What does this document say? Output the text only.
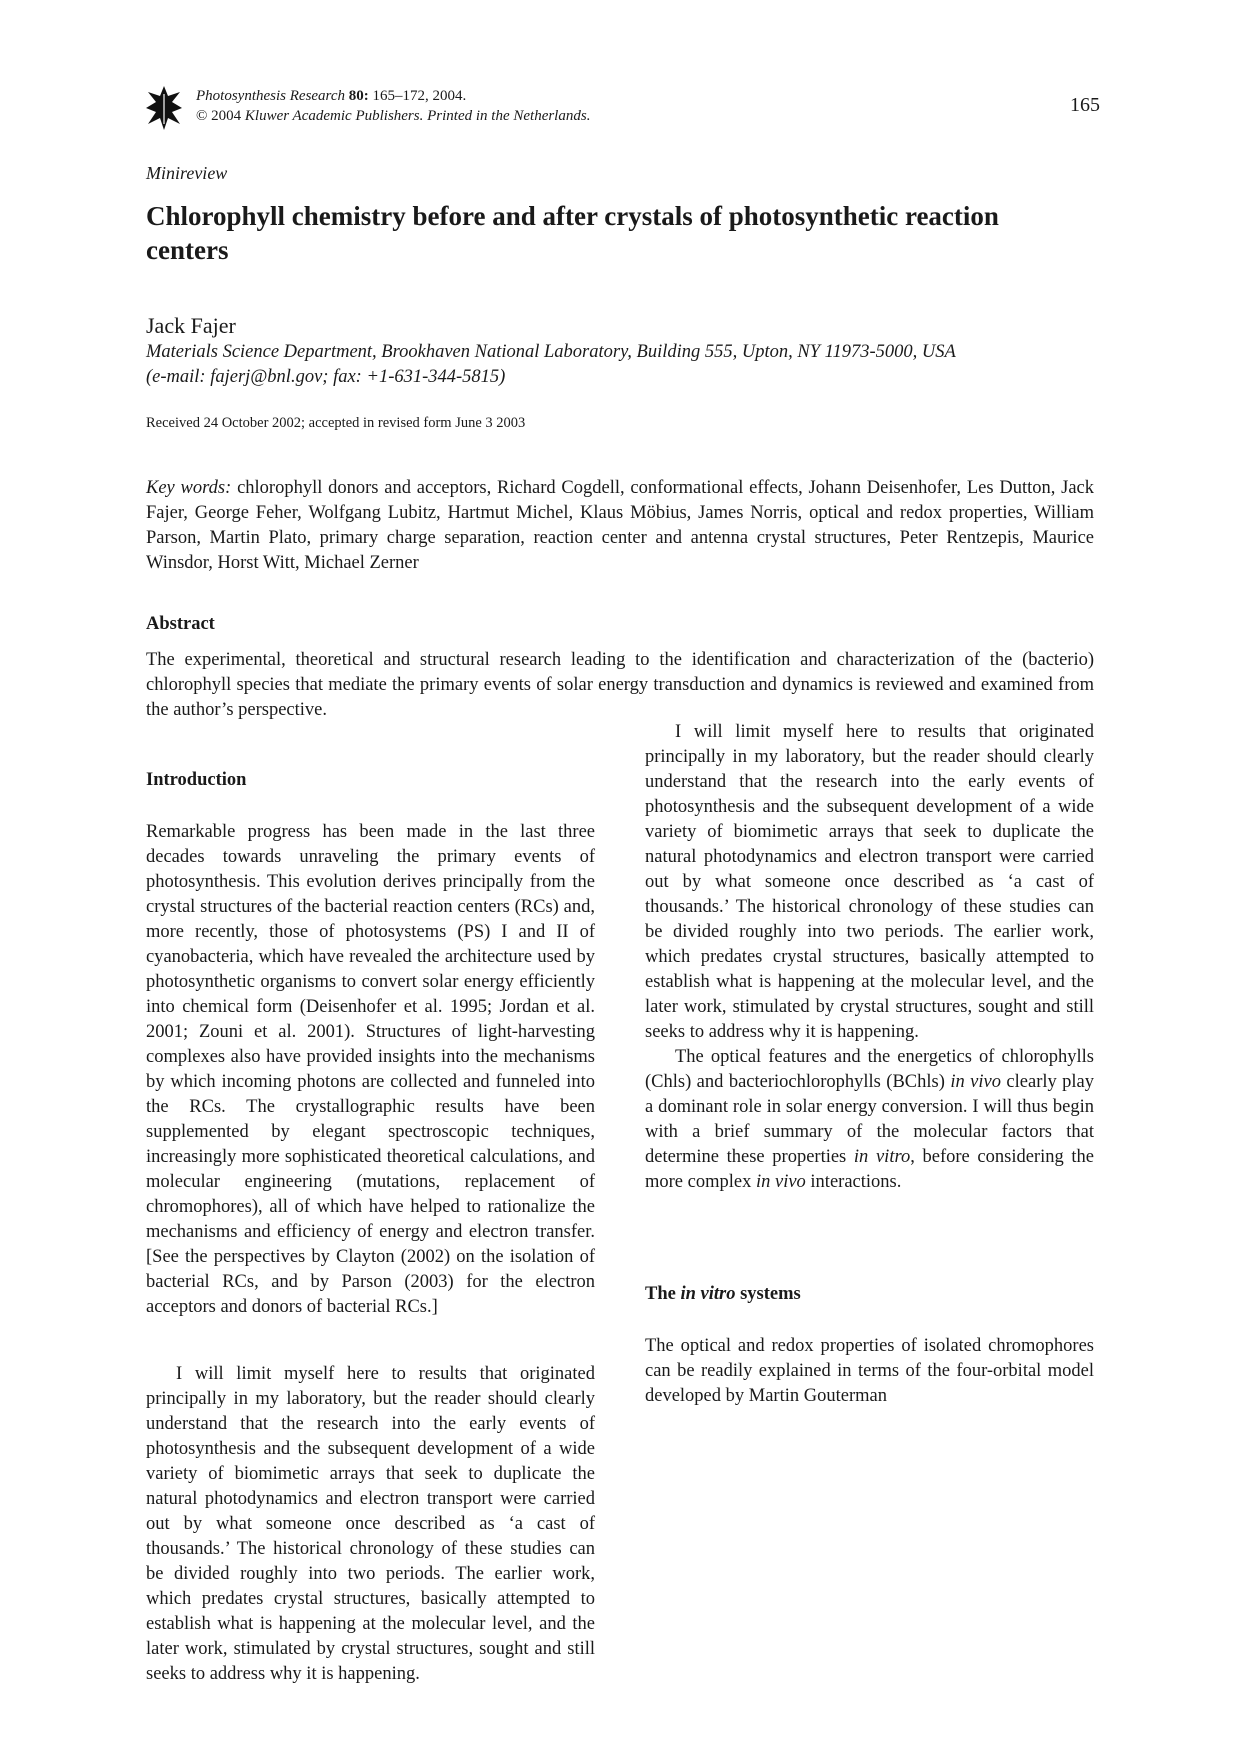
Photosynthesis Research 80: 165–172, 2004.
© 2004 Kluwer Academic Publishers. Printed in the Netherlands.	165
Minireview
Chlorophyll chemistry before and after crystals of photosynthetic reaction centers
Jack Fajer
Materials Science Department, Brookhaven National Laboratory, Building 555, Upton, NY 11973-5000, USA
(e-mail: fajerj@bnl.gov; fax: +1-631-344-5815)
Received 24 October 2002; accepted in revised form June 3 2003
Key words: chlorophyll donors and acceptors, Richard Cogdell, conformational effects, Johann Deisenhofer, Les Dutton, Jack Fajer, George Feher, Wolfgang Lubitz, Hartmut Michel, Klaus Möbius, James Norris, optical and redox properties, William Parson, Martin Plato, primary charge separation, reaction center and antenna crystal structures, Peter Rentzepis, Maurice Winsdor, Horst Witt, Michael Zerner
Abstract
The experimental, theoretical and structural research leading to the identification and characterization of the (bacterio) chlorophyll species that mediate the primary events of solar energy transduction and dynamics is reviewed and examined from the author’s perspective.
Introduction

Remarkable progress has been made in the last three decades towards unraveling the primary events of photosynthesis. This evolution derives principally from the crystal structures of the bacterial reaction centers (RCs) and, more recently, those of photosystems (PS) I and II of cyanobacteria, which have revealed the architecture used by photosynthetic organisms to convert solar energy efficiently into chemical form (Deisenhofer et al. 1995; Jordan et al. 2001; Zouni et al. 2001). Structures of light-harvesting complexes also have provided insights into the mechanisms by which incoming photons are collected and funneled into the RCs. The crystallographic results have been supplemented by elegant spectroscopic techniques, increasingly more sophisticated theoretical calculations, and molecular engineering (mutations, replacement of chromophores), all of which have helped to rationalize the mechanisms and efficiency of energy and electron transfer. [See the perspectives by Clayton (2002) on the isolation of bacterial RCs, and by Parson (2003) for the electron acceptors and donors of bacterial RCs.]

I will limit myself here to results that originated principally in my laboratory, but the reader should clearly understand that the research into the early events of photosynthesis and the subsequent development of a wide variety of biomimetic arrays that seek to duplicate the natural photodynamics and electron transport were carried out by what someone once described as ‘a cast of thousands.’ The historical chronology of these studies can be divided roughly into two periods. The earlier work, which predates crystal structures, basically attempted to establish what is happening at the molecular level, and the later work, stimulated by crystal structures, sought and still seeks to address why it is happening.

I will limit myself here to results that originated principally in my laboratory, but the reader should clearly understand that the research into the early events of photosynthesis and the subsequent development of a wide variety of biomimetic arrays that seek to duplicate the natural photodynamics and electron transport were carried out by what someone once described as ‘a cast of thousands.’ The historical chronology of these studies can be divided roughly into two periods. The earlier work, which predates crystal structures, basically attempted to establish what is happening at the molecular level, and the later work, stimulated by crystal structures, sought and still seeks to address why it is happening.

The optical features and the energetics of chlorophylls (Chls) and bacteriochlorophylls (BChls) in vivo clearly play a dominant role in solar energy conversion. I will thus begin with a brief summary of the molecular factors that determine these properties in vitro, before considering the more complex in vivo interactions.

The in vitro systems
The optical and redox properties of isolated chromophores can be readily explained in terms of the four-orbital model developed by Martin Gouterman
